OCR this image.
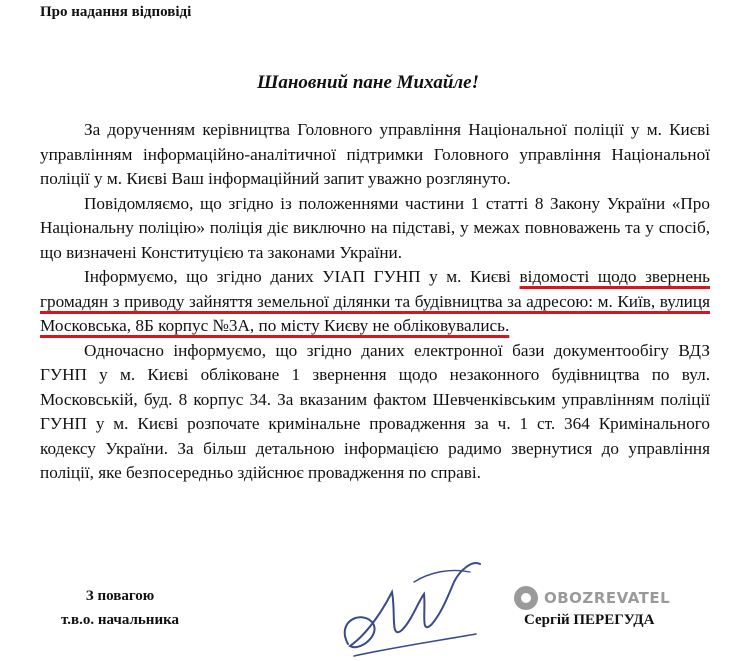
Про надання відповіді
Шановний пане Михайле!

За дорученням керівництва Головного управління Національної поліції у м. Києві управлінням інформаційно-аналітичної підтримки Головного управління Національної поліції у м. Києві Ваш інформаційний запит уважно розглянуто.

Повідомляємо, що згідно із положеннями частини 1 статті 8 Закону України «Про Національну поліцію» поліція діє виключно на підставі, у межах повноважень та у спосіб, що визначені Конституцією та законами України.

Інформуємо, що згідно даних УІАП ГУНП у м. Києві відомості щодо звернень громадян з приводу зайняття земельної ділянки та будівництва за адресою: м. Київ, вулиця Московська, 8Б корпус №3А, по місту Києву не обліковувались.

Одночасно інформуємо, що згідно даних електронної бази документообігу ВДЗ ГУНП у м. Києві обліковане 1 звернення щодо незаконного будівництва по вул. Московській, буд. 8 корпус 34. За вказаним фактом Шевченківським управлінням поліції ГУНП у м. Києві розпочате кримінальне провадження за ч. 1 ст. 364 Кримінального кодексу України. За більш детальною інформацією радимо звернутися до управління поліції, яке безпосередньо здійснює провадження по справі.

З повагою
т.в.о. начальника
OBOZREVATEL
Сергій ПЕРЕГУДА
